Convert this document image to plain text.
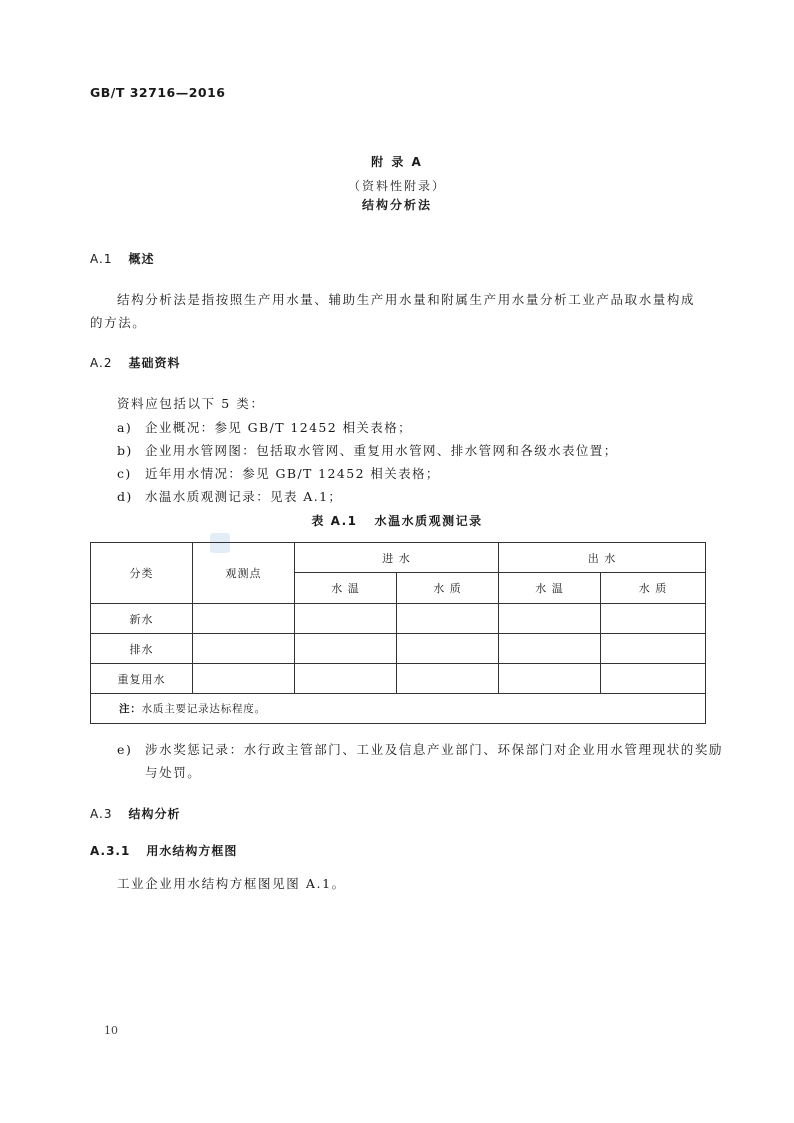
GB/T 32716—2016
附 录 A
（资料性附录）
结构分析法
A.1 概述
结构分析法是指按照生产用水量、辅助生产用水量和附属生产用水量分析工业产品取水量构成的方法。
A.2 基础资料
资料应包括以下 5 类：
a) 企业概况：参见 GB/T 12452 相关表格；
b) 企业用水管网图：包括取水管网、重复用水管网、排水管网和各级水表位置；
c) 近年用水情况：参见 GB/T 12452 相关表格；
d) 水温水质观测记录：见表 A.1；
表 A.1 水温水质观测记录
分类	观测点	进 水		出 水	
		水 温	水 质	水 温	水 质
新水					
排水					
重复用水					
注：水质主要记录达标程度。					
e) 涉水奖惩记录：水行政主管部门、工业及信息产业部门、环保部门对企业用水管理现状的奖励与处罚。
A.3 结构分析
A.3.1 用水结构方框图
工业企业用水结构方框图见图 A.1。
10
